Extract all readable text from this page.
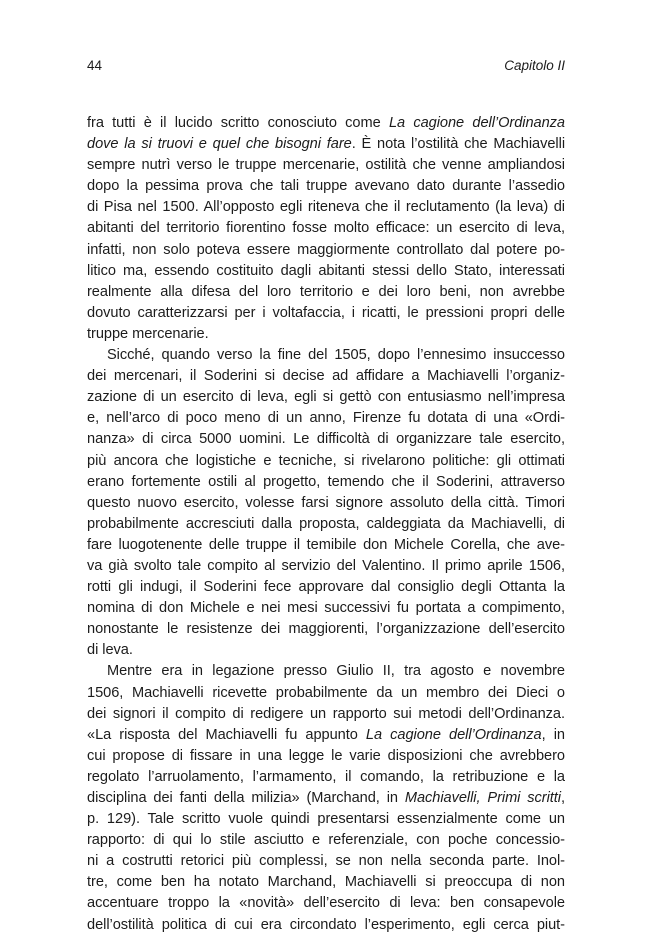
44	Capitolo II

fra tutti è il lucido scritto conosciuto come La cagione dell’Ordinanza
dove la si truovi e quel che bisogni fare. È nota l’ostilità che Machiavelli
sempre nutrì verso le truppe mercenarie, ostilità che venne ampliandosi
dopo la pessima prova che tali truppe avevano dato durante l’assedio
di Pisa nel 1500. All’opposto egli riteneva che il reclutamento (la leva) di
abitanti del territorio fiorentino fosse molto efficace: un esercito di leva,
infatti, non solo poteva essere maggiormente controllato dal potere po-
litico ma, essendo costituito dagli abitanti stessi dello Stato, interessati
realmente alla difesa del loro territorio e dei loro beni, non avrebbe
dovuto caratterizzarsi per i voltafaccia, i ricatti, le pressioni propri delle
truppe mercenarie.

Sicché, quando verso la fine del 1505, dopo l’ennesimo insuccesso
dei mercenari, il Soderini si decise ad affidare a Machiavelli l’organiz-
zazione di un esercito di leva, egli si gettò con entusiasmo nell’impresa
e, nell’arco di poco meno di un anno, Firenze fu dotata di una «Ordi-
nanza» di circa 5000 uomini. Le difficoltà di organizzare tale esercito,
più ancora che logistiche e tecniche, si rivelarono politiche: gli ottimati
erano fortemente ostili al progetto, temendo che il Soderini, attraverso
questo nuovo esercito, volesse farsi signore assoluto della città. Timori
probabilmente accresciuti dalla proposta, caldeggiata da Machiavelli, di
fare luogotenente delle truppe il temibile don Michele Corella, che ave-
va già svolto tale compito al servizio del Valentino. Il primo aprile 1506,
rotti gli indugi, il Soderini fece approvare dal consiglio degli Ottanta la
nomina di don Michele e nei mesi successivi fu portata a compimento,
nonostante le resistenze dei maggiorenti, l’organizzazione dell’esercito
di leva.

Mentre era in legazione presso Giulio II, tra agosto e novembre
1506, Machiavelli ricevette probabilmente da un membro dei Dieci o
dei signori il compito di redigere un rapporto sui metodi dell’Ordinanza.
«La risposta del Machiavelli fu appunto La cagione dell’Ordinanza, in
cui propose di fissare in una legge le varie disposizioni che avrebbero
regolato l’arruolamento, l’armamento, il comando, la retribuzione e la
disciplina dei fanti della milizia» (Marchand, in Machiavelli, Primi scritti,
p. 129). Tale scritto vuole quindi presentarsi essenzialmente come un
rapporto: di qui lo stile asciutto e referenziale, con poche concessio-
ni a costrutti retorici più complessi, se non nella seconda parte. Inol-
tre, come ben ha notato Marchand, Machiavelli si preoccupa di non
accentuare troppo la «novità» dell’esercito di leva: ben consapevole
dell’ostilità politica di cui era circondato l’esperimento, egli cerca piut-
